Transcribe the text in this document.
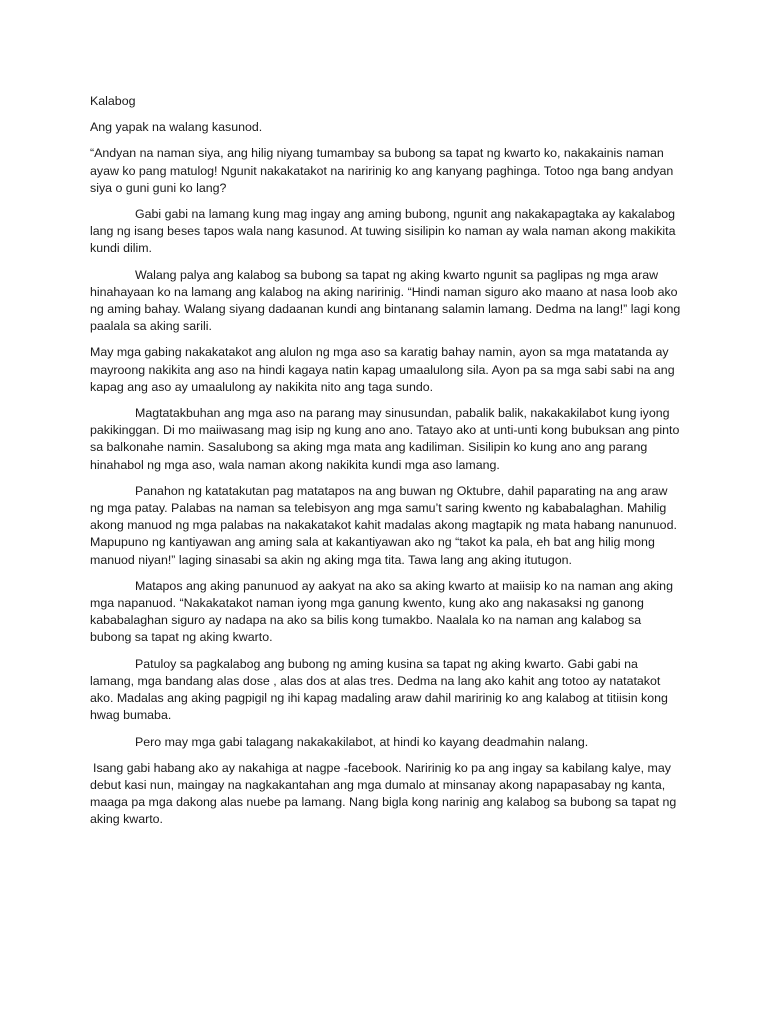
Kalabog

Ang yapak na walang kasunod.

“Andyan na naman siya, ang hilig niyang tumambay sa bubong sa tapat ng kwarto ko, nakakainis naman ayaw ko pang matulog! Ngunit nakakatakot na naririnig ko ang kanyang paghinga. Totoo nga bang andyan siya o guni guni ko lang?

Gabi gabi na lamang kung mag ingay ang aming bubong, ngunit ang nakakapagtaka ay kakalabog lang ng isang beses tapos wala nang kasunod. At tuwing sisilipin ko naman ay wala naman akong makikita kundi dilim.

Walang palya ang kalabog sa bubong sa tapat ng aking kwarto ngunit sa paglipas ng mga araw hinahayaan ko na lamang ang kalabog na aking naririnig. “Hindi naman siguro ako maano at nasa loob ako ng aming bahay. Walang siyang dadaanan kundi ang bintanang salamin lamang. Dedma na lang!” lagi kong paalala sa aking sarili.

May mga gabing nakakatakot ang alulon ng mga aso sa karatig bahay namin, ayon sa mga matatanda ay mayroong nakikita ang aso na hindi kagaya natin kapag umaalulong sila. Ayon pa sa mga sabi sabi na ang kapag ang aso ay umaalulong ay nakikita nito ang taga sundo.

Magtatakbuhan ang mga aso na parang may sinusundan, pabalik balik, nakakakilabot kung iyong pakikinggan. Di mo maiiwasang mag isip ng kung ano ano. Tatayo ako at unti-unti kong bubuksan ang pinto sa balkonahe namin. Sasalubong sa aking mga mata ang kadiliman. Sisilipin ko kung ano ang parang hinahabol ng mga aso, wala naman akong nakikita kundi mga aso lamang.

Panahon ng katatakutan pag matatapos na ang buwan ng Oktubre, dahil paparating na ang araw ng mga patay. Palabas na naman sa telebisyon ang mga samu’t saring kwento ng kababalaghan. Mahilig akong manuod ng mga palabas na nakakatakot kahit madalas akong magtapik ng mata habang nanunuod. Mapupuno ng kantiyawan ang aming sala at kakantiyawan ako ng “takot ka pala, eh bat ang hilig mong manuod niyan!” laging sinasabi sa akin ng aking mga tita. Tawa lang ang aking itutugon.

Matapos ang aking panunuod ay aakyat na ako sa aking kwarto at maiisip ko na naman ang aking mga napanuod. “Nakakatakot naman iyong mga ganung kwento, kung ako ang nakasaksi ng ganong kababalaghan siguro ay nadapa na ako sa bilis kong tumakbo. Naalala ko na naman ang kalabog sa bubong sa tapat ng aking kwarto.

Patuloy sa pagkalabog ang bubong ng aming kusina sa tapat ng aking kwarto. Gabi gabi na lamang, mga bandang alas dose , alas dos at alas tres. Dedma na lang ako kahit ang totoo ay natatakot ako. Madalas ang aking pagpigil ng ihi kapag madaling araw dahil maririnig ko ang kalabog at titiisin kong hwag bumaba.

Pero may mga gabi talagang nakakakilabot, at hindi ko kayang deadmahin nalang.

Isang gabi habang ako ay nakahiga at nagpe -facebook. Naririnig ko pa ang ingay sa kabilang kalye, may debut kasi nun, maingay na nagkakantahan ang mga dumalo at minsanay akong napapasabay ng kanta, maaga pa mga dakong alas nuebe pa lamang. Nang bigla kong narinig ang kalabog sa bubong sa tapat ng aking kwarto.
